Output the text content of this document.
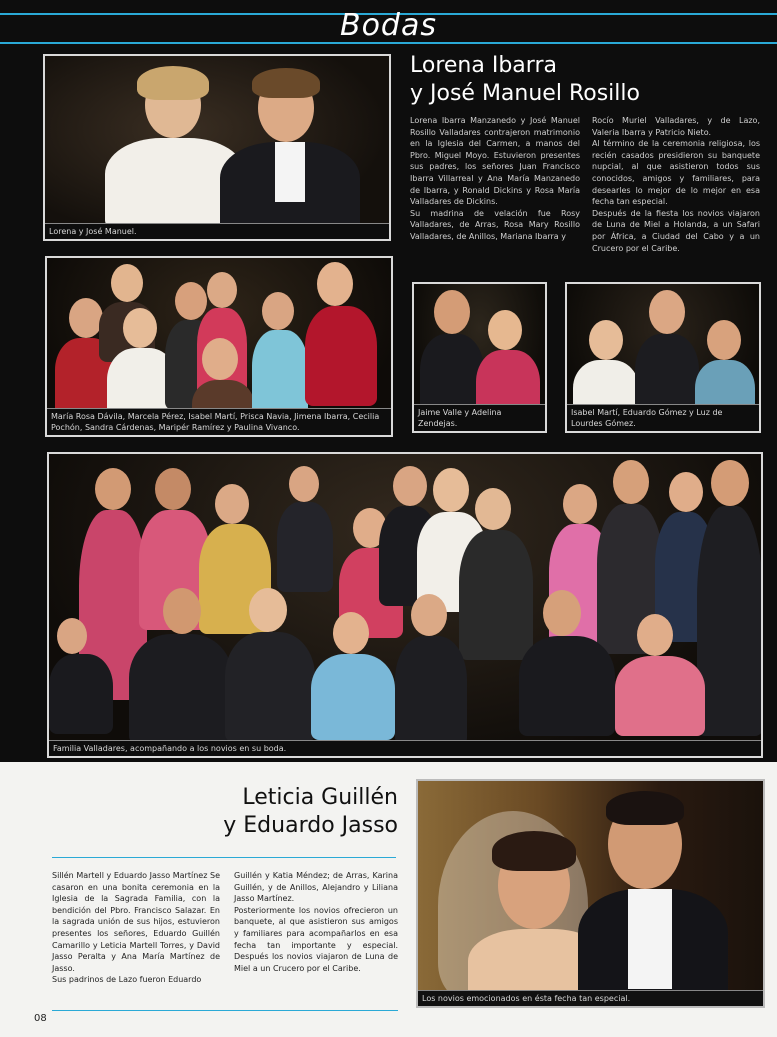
Bodas
Lorena y José Manuel.
Lorena Ibarra
y José Manuel Rosillo
Lorena Ibarra Manzanedo y José Manuel Rosillo Valladares contrajeron matrimonio en la Iglesia del Carmen, a manos del Pbro. Miguel Moyo. Estuvieron presentes sus padres, los señores Juan Francisco Ibarra Villarreal y Ana María Manzanedo de Ibarra, y Ronald Dickins y Rosa María Valladares de Dickins.
Su madrina de velación fue Rosy Valladares, de Arras, Rosa Mary Rosillo Valladares, de Anillos, Mariana Ibarra y
Rocío Muriel Valladares, y de Lazo, Valeria Ibarra y Patricio Nieto.
Al término de la ceremonia religiosa, los recién casados presidieron su banquete nupcial, al que asistieron todos sus conocidos, amigos y familiares, para desearles lo mejor de lo mejor en esa fecha tan especial.
Después de la fiesta los novios viajaron de Luna de Miel a Holanda, a un Safari por África, a Ciudad del Cabo y a un Crucero por el Caribe.
María Rosa Dávila, Marcela Pérez, Isabel Martí, Prisca Navia, Jimena Ibarra, Cecilia Pochón, Sandra Cárdenas, Maripér Ramírez y Paulina Vivanco.
Jaime Valle y Adelina Zendejas.
Isabel Martí, Eduardo Gómez y Luz de Lourdes Gómez.
Familia Valladares, acompañando a los novios en su boda.
Leticia Guillén
y Eduardo Jasso
Sillén Martell y Eduardo Jasso Martínez Se casaron en una bonita ceremonia en la Iglesia de la Sagrada Familia, con la bendición del Pbro. Francisco Salazar. En la sagrada unión de sus hijos, estuvieron presentes los señores, Eduardo Guillén Camarillo y Leticia Martell Torres, y David Jasso Peralta y Ana María Martínez de Jasso.
Sus padrinos de Lazo fueron Eduardo
Guillén y Katia Méndez; de Arras, Karina Guillén, y de Anillos, Alejandro y Liliana Jasso Martínez.
Posteriormente los novios ofrecieron un banquete, al que asistieron sus amigos y familiares para acompañarlos en esa fecha tan importante y especial. Después los novios viajaron de Luna de Miel a un Crucero por el Caribe.
08
Los novios emocionados en ésta fecha tan especial.
